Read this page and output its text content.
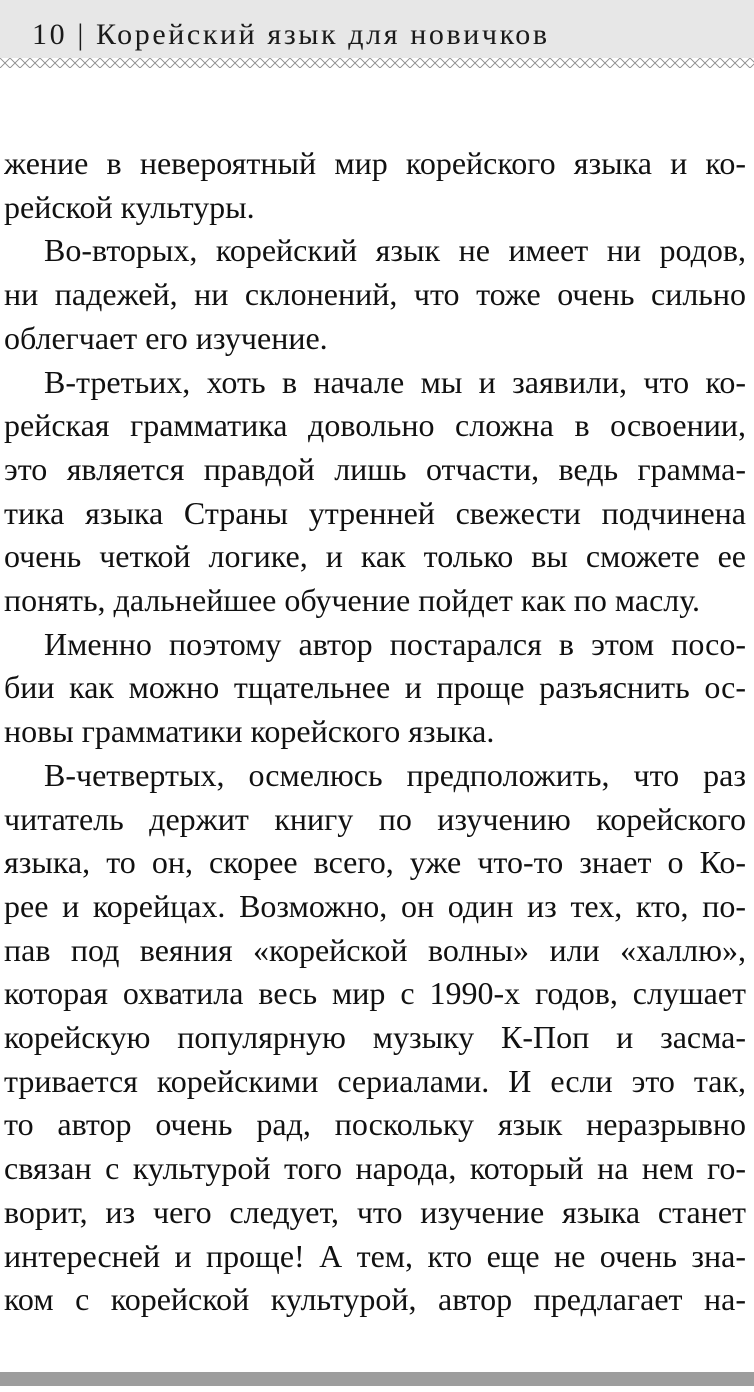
10 | Корейский язык для новичков
жение в невероятный мир корейского языка и ко-
рейской культуры.
Во-вторых, корейский язык не имеет ни родов,
ни падежей, ни склонений, что тоже очень сильно
облегчает его изучение.
В-третьих, хоть в начале мы и заявили, что ко-
рейская грамматика довольно сложна в освоении,
это является правдой лишь отчасти, ведь грамма-
тика языка Страны утренней свежести подчинена
очень четкой логике, и как только вы сможете ее
понять, дальнейшее обучение пойдет как по маслу.
Именно поэтому автор постарался в этом посо-
бии как можно тщательнее и проще разъяснить ос-
новы грамматики корейского языка.
В-четвертых, осмелюсь предположить, что раз
читатель держит книгу по изучению корейского
языка, то он, скорее всего, уже что-то знает о Ко-
рее и корейцах. Возможно, он один из тех, кто, по-
пав под веяния «корейской волны» или «халлю»,
которая охватила весь мир с 1990-х годов, слушает
корейскую популярную музыку К-Поп и засма-
тривается корейскими сериалами. И если это так,
то автор очень рад, поскольку язык неразрывно
связан с культурой того народа, который на нем го-
ворит, из чего следует, что изучение языка станет
интересней и проще! А тем, кто еще не очень зна-
ком с корейской культурой, автор предлагает на-
